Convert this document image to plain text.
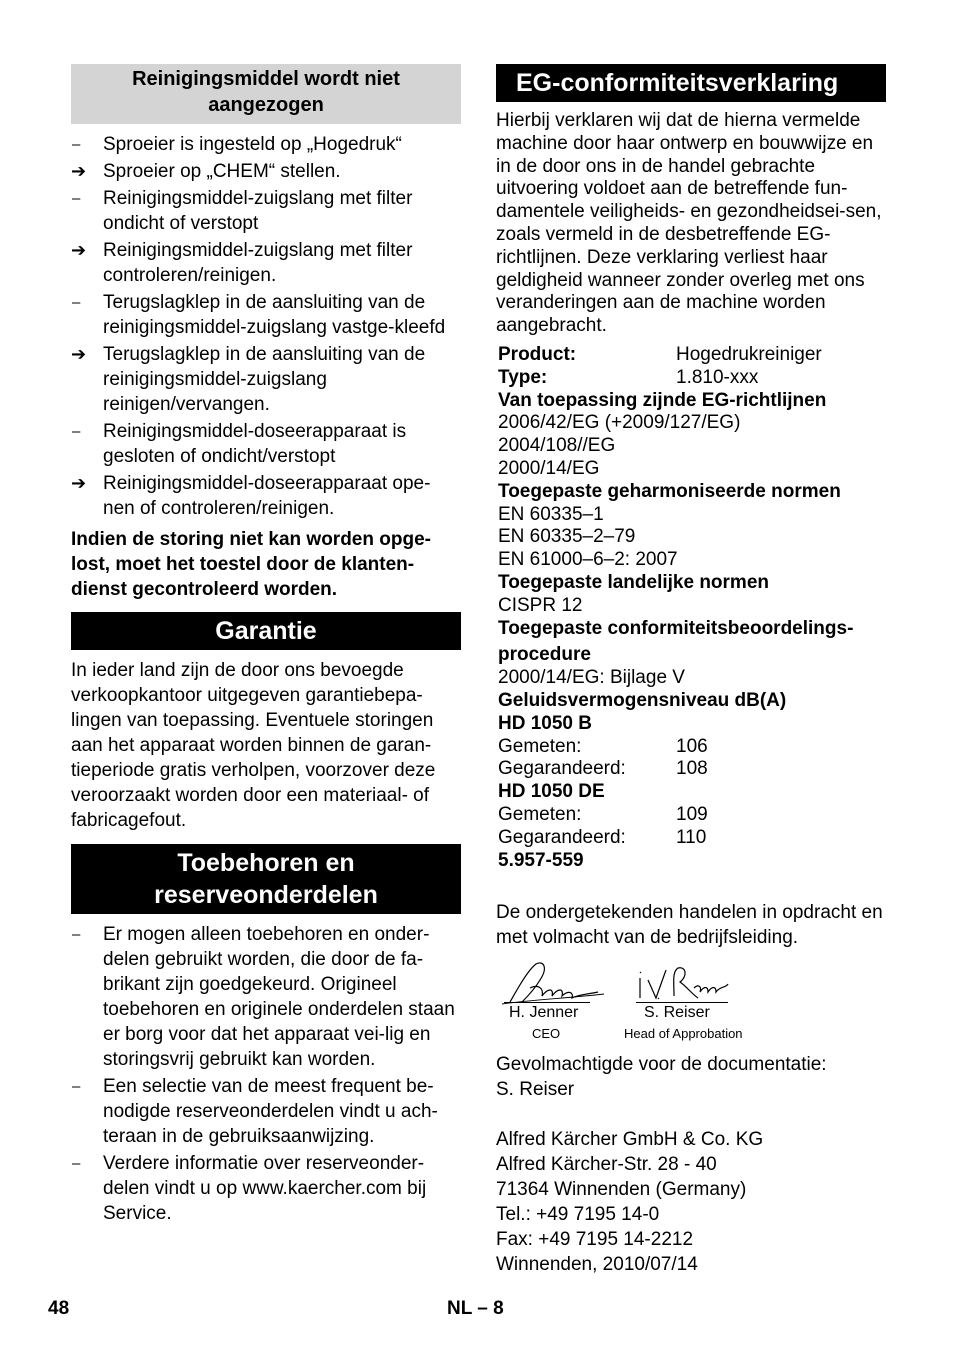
Reinigingsmiddel wordt niet aangezogen
–	Sproeier is ingesteld op „Hogedruk“
➔ Sproeier op „CHEM“ stellen.
–	Reinigingsmiddel-zuigslang met filter ondicht of verstopt
➔ Reinigingsmiddel-zuigslang met filter controleren/reinigen.
–	Terugslagklep in de aansluiting van de reinigingsmiddel-zuigslang vastge-kleefd
➔ Terugslagklep in de aansluiting van de reinigingsmiddel-zuigslang reinigen/vervangen.
–	Reinigingsmiddel-doseerapparaat is gesloten of ondicht/verstopt
➔ Reinigingsmiddel-doseerapparaat ope-nen of controleren/reinigen.
Indien de storing niet kan worden opge-lost, moet het toestel door de klanten-dienst gecontroleerd worden.
Garantie

In ieder land zijn de door ons bevoegde verkoopkantoor uitgegeven garantiebepa-lingen van toepassing. Eventuele storingen aan het apparaat worden binnen de garan-tieperiode gratis verholpen, voorzover deze veroorzaakt worden door een materiaal- of fabricagefout.

Toebehoren en reserveonderdelen
–	Er mogen alleen toebehoren en onder-delen gebruikt worden, die door de fa-brikant zijn goedgekeurd. Origineel toebehoren en originele onderdelen staan er borg voor dat het apparaat vei-lig en storingsvrij gebruikt kan worden.
–	Een selectie van de meest frequent be-nodigde reserveonderdelen vindt u ach-teraan in de gebruiksaanwijzing.
–	Verdere informatie over reserveonder-delen vindt u op www.kaercher.com bij Service.
EG-conformiteitsverklaring

Hierbij verklaren wij dat de hierna vermelde machine door haar ontwerp en bouwwijze en in de door ons in de handel gebrachte uitvoering voldoet aan de betreffende fun-damentele veiligheids- en gezondheidsei-sen, zoals vermeld in de desbetreffende EG-richtlijnen. Deze verklaring verliest haar geldigheid wanneer zonder overleg met ons veranderingen aan de machine worden aangebracht.

Product:	Hogedrukreiniger
Type:	1.810-xxx
Van toepassing zijnde EG-richtlijnen
2006/42/EG (+2009/127/EG)
2004/108//EG
2000/14/EG
Toegepaste geharmoniseerde normen
EN 60335–1
EN 60335–2–79
EN 61000–6–2: 2007
Toegepaste landelijke normen
CISPR 12
Toegepaste conformiteitsbeoordelings-
procedure
2000/14/EG: Bijlage V
Geluidsvermogensniveau dB(A)
HD 1050 B
Gemeten:	106
Gegarandeerd:	108
HD 1050 DE
Gemeten:	109
Gegarandeerd:	110
5.957-559

De ondergetekenden handelen in opdracht en met volmacht van de bedrijfsleiding.

H. Jenner
CEO
S. Reiser
Head of Approbation

Gevolmachtigde voor de documentatie:

S. Reiser

Alfred Kärcher GmbH & Co. KG

Alfred Kärcher-Str. 28 - 40

71364 Winnenden (Germany)

Tel.: +49 7195 14-0

Fax: +49 7195 14-2212

Winnenden, 2010/07/14

48	NL – 8
